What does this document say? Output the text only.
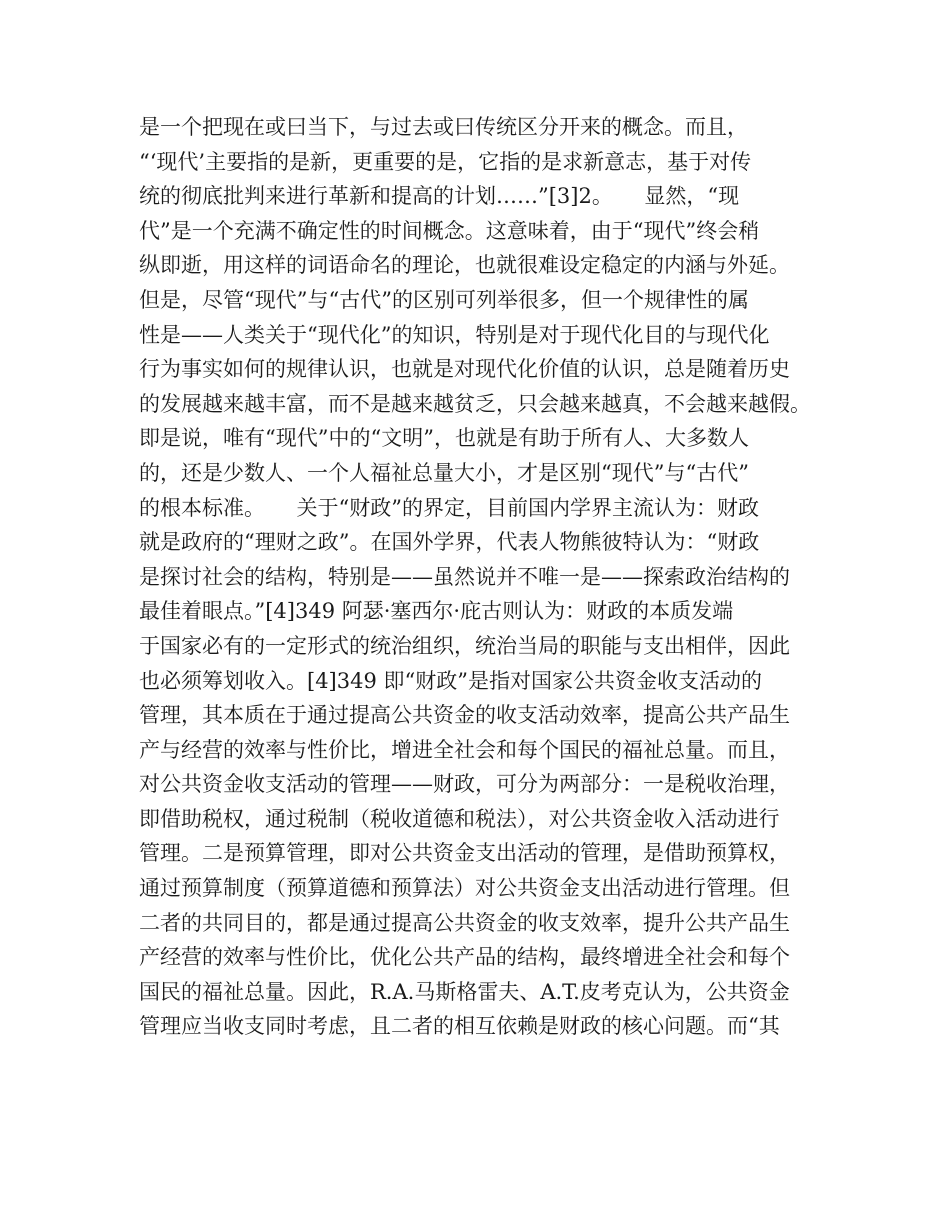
是一个把现在或曰当下，与过去或曰传统区分开来的概念。而且，
“‘现代’主要指的是新，更重要的是，它指的是求新意志，基于对传
统的彻底批判来进行革新和提高的计划……”[3]2。　　显然，“现
代”是一个充满不确定性的时间概念。这意味着，由于“现代”终会稍
纵即逝，用这样的词语命名的理论，也就很难设定稳定的内涵与外延。
但是，尽管“现代”与“古代”的区别可列举很多，但一个规律性的属
性是——人类关于“现代化”的知识，特别是对于现代化目的与现代化
行为事实如何的规律认识，也就是对现代化价值的认识，总是随着历史
的发展越来越丰富，而不是越来越贫乏，只会越来越真，不会越来越假。
即是说，唯有“现代”中的“文明”，也就是有助于所有人、大多数人
的，还是少数人、一个人福祉总量大小，才是区别“现代”与“古代”
的根本标准。　　关于“财政”的界定，目前国内学界主流认为：财政
就是政府的“理财之政”。在国外学界，代表人物熊彼特认为：“财政
是探讨社会的结构，特别是——虽然说并不唯一是——探索政治结构的
最佳着眼点。”[4]349 阿瑟·塞西尔·庇古则认为：财政的本质发端
于国家必有的一定形式的统治组织，统治当局的职能与支出相伴，因此
也必须筹划收入。[4]349 即“财政”是指对国家公共资金收支活动的
管理，其本质在于通过提高公共资金的收支活动效率，提高公共产品生
产与经营的效率与性价比，增进全社会和每个国民的福祉总量。而且，
对公共资金收支活动的管理——财政，可分为两部分：一是税收治理，
即借助税权，通过税制（税收道德和税法），对公共资金收入活动进行
管理。二是预算管理，即对公共资金支出活动的管理，是借助预算权，
通过预算制度（预算道德和预算法）对公共资金支出活动进行管理。但
二者的共同目的，都是通过提高公共资金的收支效率，提升公共产品生
产经营的效率与性价比，优化公共产品的结构，最终增进全社会和每个
国民的福祉总量。因此，R.A.马斯格雷夫、A.T.皮考克认为，公共资金
管理应当收支同时考虑，且二者的相互依赖是财政的核心问题。而“其
